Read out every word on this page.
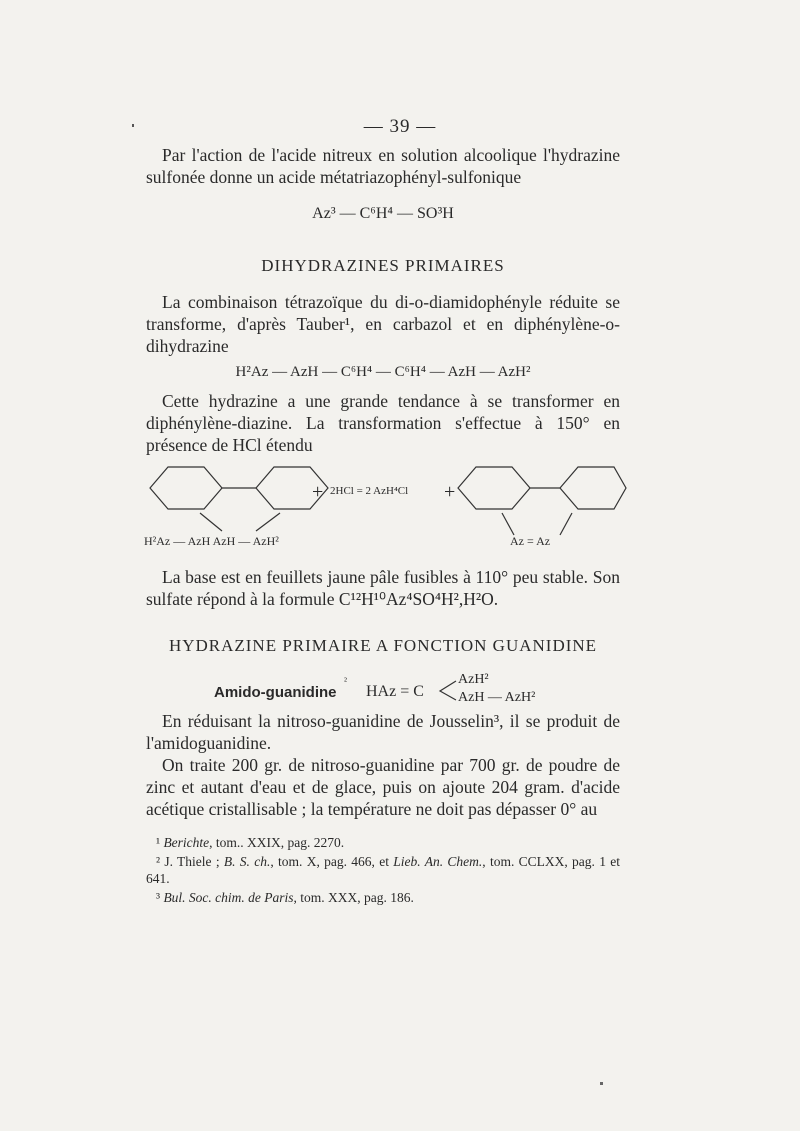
— 39 —
Par l'action de l'acide nitreux en solution alcoolique l'hydrazine sulfonée donne un acide métatriazophényl-sulfonique
Az³ — C⁶H⁴ — SO³H
DIHYDRAZINES PRIMAIRES
La combinaison tétrazoïque du di-o-diamidophényle réduite se transforme, d'après Tauber¹, en carbazol et en diphénylène-o-dihydrazine
H²Az — AzH — C⁶H⁴ — C⁶H⁴ — AzH — AzH²
Cette hydrazine a une grande tendance à se transformer en diphénylène-diazine. La transformation s'effectue à 150° en présence de HCl étendu
+ 2HCl = 2 AzH⁴Cl +
H²Az — AzH AzH — AzH²	Az = Az
La base est en feuillets jaune pâle fusibles à 110° peu stable. Son sulfate répond à la formule C¹²H¹⁰Az⁴SO⁴H²,H²O.
HYDRAZINE PRIMAIRE A FONCTION GUANIDINE
Amido-guanidine
²
HAz = C
AzH²
AzH — AzH²
En réduisant la nitroso-guanidine de Jousselin³, il se produit de l'amidoguanidine.
On traite 200 gr. de nitroso-guanidine par 700 gr. de poudre de zinc et autant d'eau et de glace, puis on ajoute 204 gram. d'acide acétique cristallisable ; la température ne doit pas dépasser 0° au
¹ Berichte, tom.. XXIX, pag. 2270.
² J. Thiele ; B. S. ch., tom. X, pag. 466, et Lieb. An. Chem., tom. CCLXX, pag. 1 et 641.
³ Bul. Soc. chim. de Paris, tom. XXX, pag. 186.
